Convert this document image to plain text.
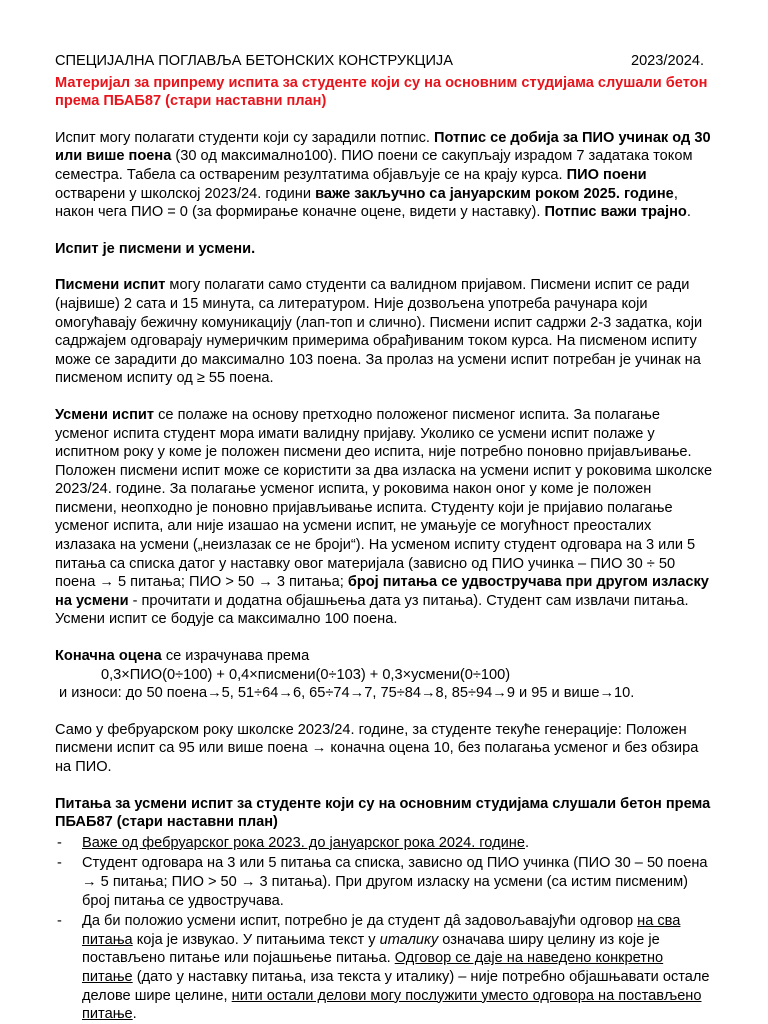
СПЕЦИЈАЛНА ПОГЛАВЉА БЕТОНСКИХ КОНСТРУКЦИЈА	2023/2024.

Материјал за припрему испита за студенте који су на основним студијама слушали бетон према ПБАБ87 (стари наставни план)

Испит могу полагати студенти који су зарадили потпис. Потпис се добија за ПИО учинак од 30 или више поена (30 од максимално100). ПИО поени се сакупљају израдом 7 задатака током семестра. Табела са оствареним резултатима објављује се на крају курса. ПИО поени остварени у школској 2023/24. години важе закључно са јануарским роком 2025. године, након чега ПИО = 0 (за формирање коначне оцене, видети у наставку). Потпис важи трајно.

Испит је писмени и усмени.

Писмени испит могу полагати само студенти са валидном пријавом. Писмени испит се ради (највише) 2 сата и 15 минута, са литературом. Није дозвољена употреба рачунара који омогућавају бежичну комуникацију (лап-топ и слично). Писмени испит садржи 2-3 задатка, који садржајем одговарају нумеричким примерима обрађиваним током курса. На писменом испиту може се зарадити до максимално 103 поена. За пролаз на усмени испит потребан је учинак на писменом испиту од ≥ 55 поена.

Усмени испит се полаже на основу претходно положеног писменог испита. За полагање усменог испита студент мора имати валидну пријаву. Уколико се усмени испит полаже у испитном року у коме је положен писмени део испита, није потребно поновно пријављивање. Положен писмени испит може се користити за два изласка на усмени испит у роковима школске 2023/24. године. За полагање усменог испита, у роковима након оног у коме је положен писмени, неопходно је поновно пријављивање испита. Студенту који је пријавио полагање усменог испита, али није изашао на усмени испит, не умањује се могућност преосталих излазака на усмени („неизлазак се не броји“). На усменом испиту студент одговара на 3 или 5 питања са списка датог у наставку овог материјала (зависно од ПИО учинка – ПИО 30 ÷ 50 поена → 5 питања; ПИО > 50 → 3 питања; број питања се удвостручава при другом изласку на усмени - прочитати и додатна објашњења дата уз питања). Студент сам извлачи питања. Усмени испит се бодује са максимално 100 поена.

Коначна оцена се израчунава према

0,3×ПИО(0÷100) + 0,4×писмени(0÷103) + 0,3×усмени(0÷100)

и износи: до 50 поена→5, 51÷64→6, 65÷74→7, 75÷84→8, 85÷94→9 и 95 и више→10.

Само у фебруарском року школске 2023/24. године, за студенте текуће генерације: Положен писмени испит са 95 или више поена → коначна оцена 10, без полагања усменог и без обзира на ПИО.

Питања за усмени испит за студенте који су на основним студијама слушали бетон према ПБАБ87 (стари наставни план)

- Важе од фебруарског рока 2023. до јануарског рока 2024. године.
- Студент одговара на 3 или 5 питања са списка, зависно од ПИО учинка (ПИО 30 – 50 поена → 5 питања; ПИО > 50 → 3 питања). При другом изласку на усмени (са истим писменим) број питања се удвостручава.
- Да би положио усмени испит, потребно је да студент дâ задовољавајући одговор на сва питања која је извукао. У питањима текст у италику означава ширу целину из које је постављено питање или појашњење питања. Одговор се даје на наведено конкретно питање (дато у наставку питања, иза текста у италику) – није потребно објашњавати остале делове шире целине, нити остали делови могу послужити уместо одговора на постављено питање.
